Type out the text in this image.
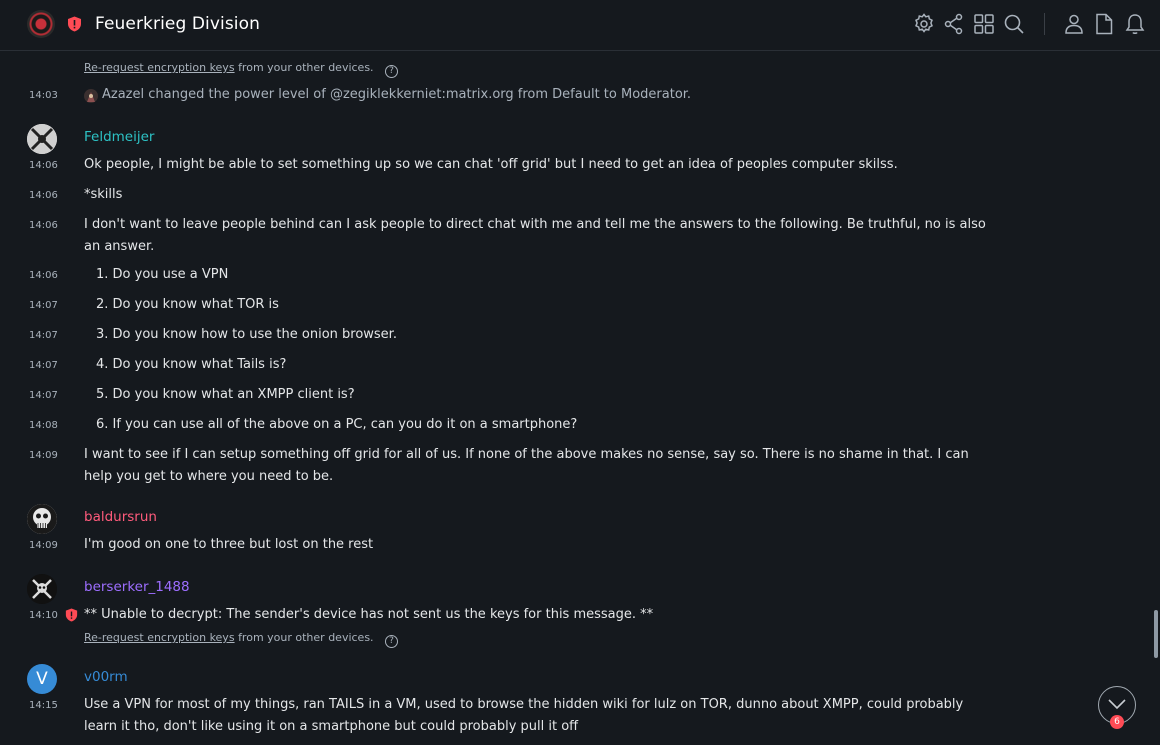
Feuerkrieg Division
Re-request encryption keys from your other devices. ?
14:03	Azazel changed the power level of @zegiklekkerniet:matrix.org from Default to Moderator.
Feldmeijer
14:06 Ok people, I might be able to set something up so we can chat 'off grid' but I need to get an idea of peoples computer skilss.
14:06 *skills
14:06 I don't want to leave people behind can I ask people to direct chat with me and tell me the answers to the following. Be truthful, no is also an answer.
14:06	1. Do you use a VPN
14:07	2. Do you know what TOR is
14:07	3. Do you know how to use the onion browser.
14:07	4. Do you know what Tails is?
14:07	5. Do you know what an XMPP client is?
14:08	6. If you can use all of the above on a PC, can you do it on a smartphone?
14:09 I want to see if I can setup something off grid for all of us. If none of the above makes no sense, say so. There is no shame in that. I can help you get to where you need to be.
baldursrun
14:09 I'm good on one to three but lost on the rest
berserker_1488
14:10 ** Unable to decrypt: The sender's device has not sent us the keys for this message. **
Re-request encryption keys from your other devices. ?
V	v00rm
14:15 Use a VPN for most of my things, ran TAILS in a VM, used to browse the hidden wiki for lulz on TOR, dunno about XMPP, could probably learn it tho, don't like using it on a smartphone but could probably pull it off	6
